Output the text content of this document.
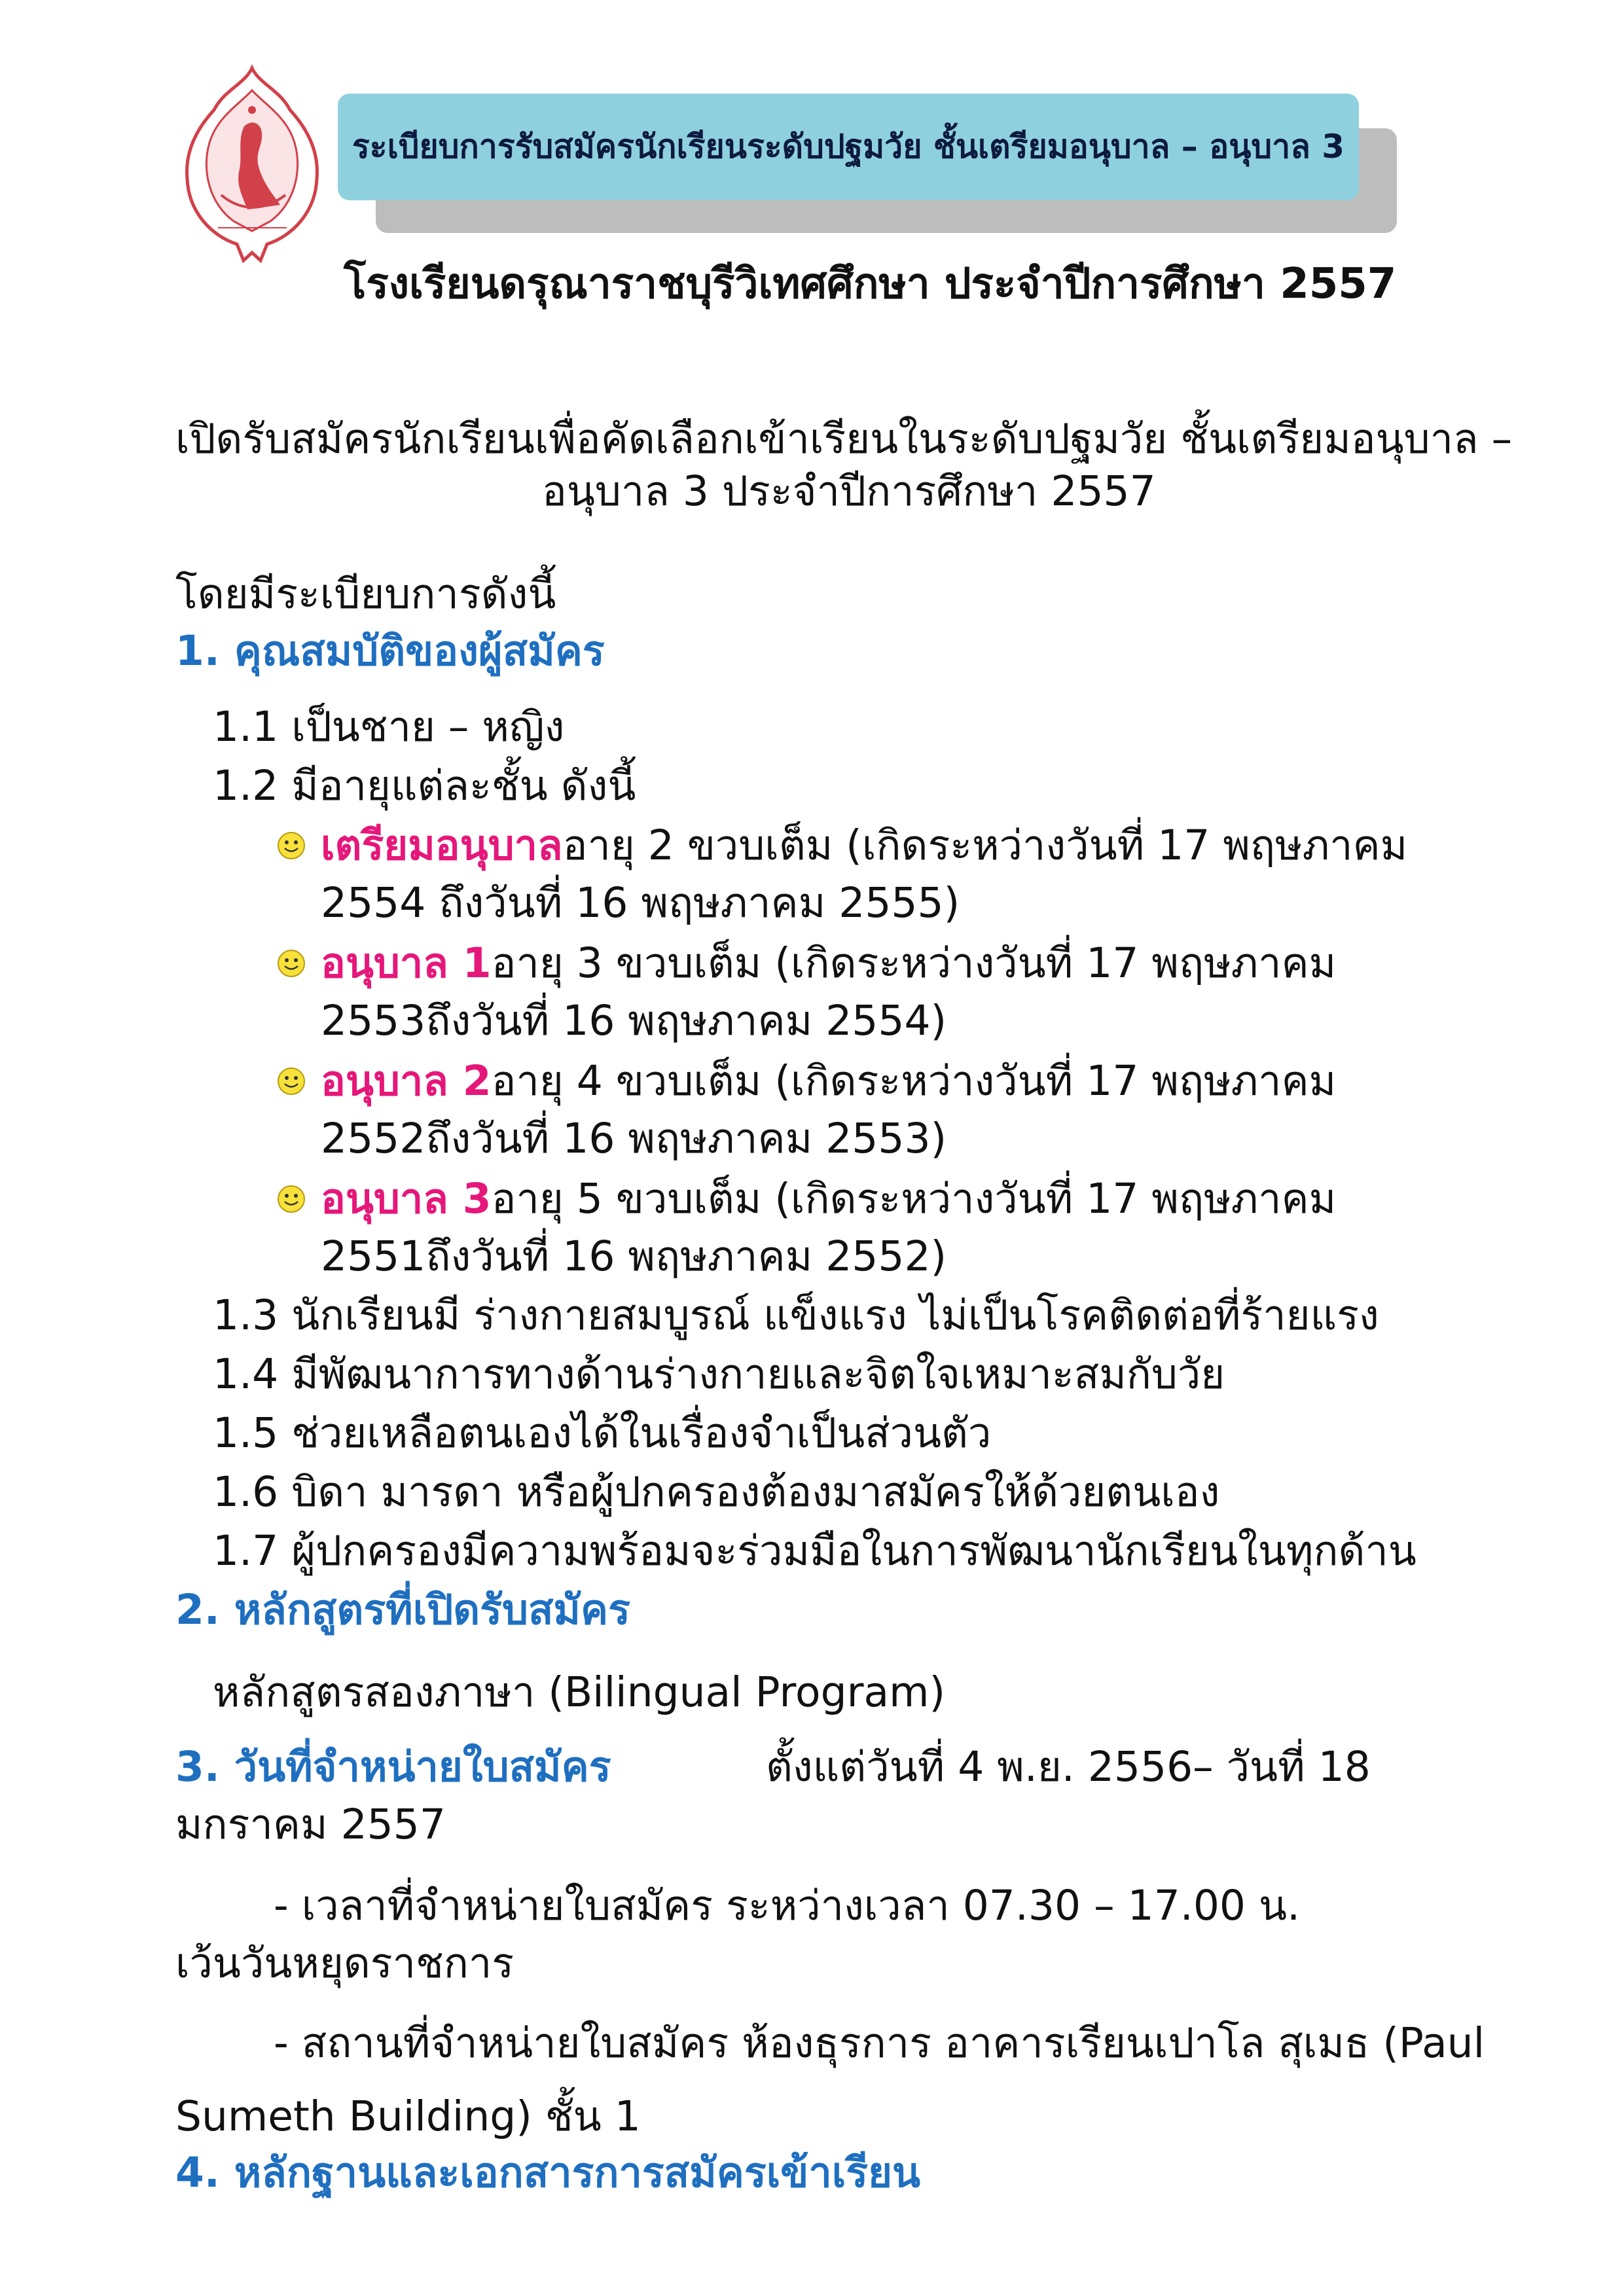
ระเบียบการรับสมัครนักเรียนระดับปฐมวัย ชั้นเตรียมอนุบาล – อนุบาล 3
โรงเรียนดรุณาราชบุรีวิเทศศึกษา ประจำปีการศึกษา 2557
เปิดรับสมัครนักเรียนเพื่อคัดเลือกเข้าเรียนในระดับปฐมวัย ชั้นเตรียมอนุบาล –
อนุบาล 3 ประจำปีการศึกษา 2557
โดยมีระเบียบการดังนี้
1. คุณสมบัติของผู้สมัคร
1.1 เป็นชาย – หญิง
1.2 มีอายุแต่ละชั้น ดังนี้
เตรียมอนุบาลอายุ 2 ขวบเต็ม (เกิดระหว่างวันที่ 17 พฤษภาคม
2554 ถึงวันที่ 16 พฤษภาคม 2555)
อนุบาล 1อายุ 3 ขวบเต็ม (เกิดระหว่างวันที่ 17 พฤษภาคม
2553ถึงวันที่ 16 พฤษภาคม 2554)
อนุบาล 2อายุ 4 ขวบเต็ม (เกิดระหว่างวันที่ 17 พฤษภาคม
2552ถึงวันที่ 16 พฤษภาคม 2553)
อนุบาล 3อายุ 5 ขวบเต็ม (เกิดระหว่างวันที่ 17 พฤษภาคม
2551ถึงวันที่ 16 พฤษภาคม 2552)
1.3 นักเรียนมี ร่างกายสมบูรณ์ แข็งแรง ไม่เป็นโรคติดต่อที่ร้ายแรง
1.4 มีพัฒนาการทางด้านร่างกายและจิตใจเหมาะสมกับวัย
1.5 ช่วยเหลือตนเองได้ในเรื่องจำเป็นส่วนตัว
1.6 บิดา มารดา หรือผู้ปกครองต้องมาสมัครให้ด้วยตนเอง
1.7 ผู้ปกครองมีความพร้อมจะร่วมมือในการพัฒนานักเรียนในทุกด้าน
2. หลักสูตรที่เปิดรับสมัคร
หลักสูตรสองภาษา (Bilingual Program)
3. วันที่จำหน่ายใบสมัคร	ตั้งแต่วันที่ 4 พ.ย. 2556– วันที่ 18
มกราคม 2557
- เวลาที่จำหน่ายใบสมัคร ระหว่างเวลา 07.30 – 17.00 น.
เว้นวันหยุดราชการ
- สถานที่จำหน่ายใบสมัคร ห้องธุรการ อาคารเรียนเปาโล สุเมธ (Paul
Sumeth Building) ชั้น 1
4. หลักฐานและเอกสารการสมัครเข้าเรียน
